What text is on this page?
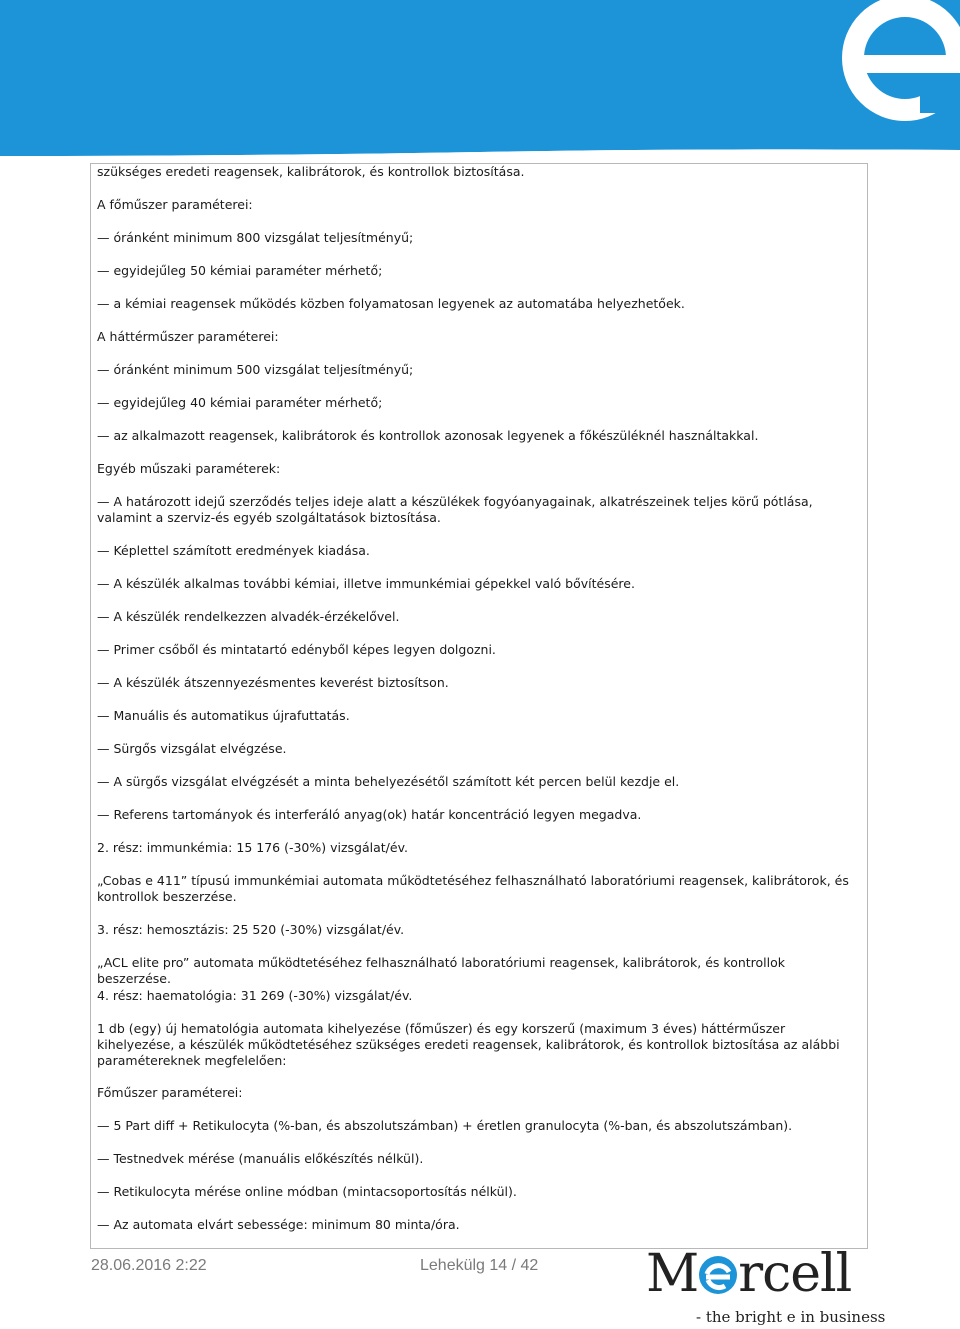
szükséges eredeti reagensek, kalibrátorok, és kontrollok biztosítása.

A főműszer paraméterei:

— óránként minimum 800 vizsgálat teljesítményű;

— egyidejűleg 50 kémiai paraméter mérhető;

— a kémiai reagensek működés közben folyamatosan legyenek az automatába helyezhetőek.

A háttérműszer paraméterei:

— óránként minimum 500 vizsgálat teljesítményű;

— egyidejűleg 40 kémiai paraméter mérhető;

— az alkalmazott reagensek, kalibrátorok és kontrollok azonosak legyenek a főkészüléknél használtakkal.

Egyéb műszaki paraméterek:

— A határozott idejű szerződés teljes ideje alatt a készülékek fogyóanyagainak, alkatrészeinek teljes körű pótlása, valamint a szerviz-és egyéb szolgáltatások biztosítása.

— Képlettel számított eredmények kiadása.

— A készülék alkalmas további kémiai, illetve immunkémiai gépekkel való bővítésére.

— A készülék rendelkezzen alvadék-érzékelővel.

— Primer csőből és mintatartó edényből képes legyen dolgozni.

— A készülék átszennyezésmentes keverést biztosítson.

— Manuális és automatikus újrafuttatás.

— Sürgős vizsgálat elvégzése.

— A sürgős vizsgálat elvégzését a minta behelyezésétől számított két percen belül kezdje el.

— Referens tartományok és interferáló anyag(ok) határ koncentráció legyen megadva.

2. rész: immunkémia: 15 176 (-30%) vizsgálat/év.

„Cobas e 411” típusú immunkémiai automata működtetéséhez felhasználható laboratóriumi reagensek, kalibrátorok, és kontrollok beszerzése.

3. rész: hemosztázis: 25 520 (-30%) vizsgálat/év.

„ACL elite pro” automata működtetéséhez felhasználható laboratóriumi reagensek, kalibrátorok, és kontrollok beszerzése.

4. rész: haematológia: 31 269 (-30%) vizsgálat/év.

1 db (egy) új hematológia automata kihelyezése (főműszer) és egy korszerű (maximum 3 éves) háttérműszer kihelyezése, a készülék működtetéséhez szükséges eredeti reagensek, kalibrátorok, és kontrollok biztosítása az alábbi paramétereknek megfelelően:

Főműszer paraméterei:

— 5 Part diff + Retikulocyta (%-ban, és abszolutszámban) + éretlen granulocyta (%-ban, és abszolutszámban).

— Testnedvek mérése (manuális előkészítés nélkül).

— Retikulocyta mérése online módban (mintacsoportosítás nélkül).

— Az automata elvárt sebessége: minimum 80 minta/óra.

28.06.2016 2:22	Lehekülg 14 / 42 M rcell
- the bright e in business
